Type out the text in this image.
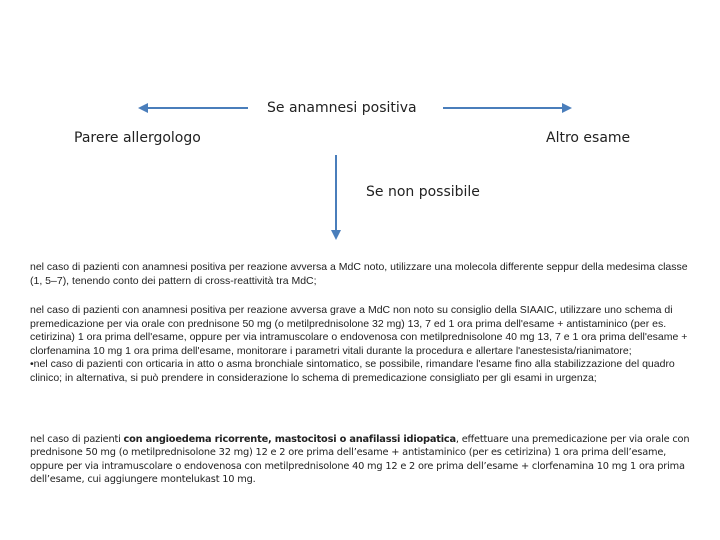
Se anamnesi positiva
Parere allergologo	Altro esame
Se non possibile

nel caso di pazienti con anamnesi positiva per reazione avversa a MdC noto, utilizzare una molecola differente seppur della medesima classe (1, 5–7), tenendo conto dei pattern di cross-reattività tra MdC;

nel caso di pazienti con anamnesi positiva per reazione avversa grave a MdC non noto su consiglio della SIAAIC, utilizzare uno schema di premedicazione per via orale con prednisone 50 mg (o metilprednisolone 32 mg) 13, 7 ed 1 ora prima dell'esame + antistaminico (per es. cetirizina) 1 ora prima dell'esame, oppure per via intramuscolare o endovenosa con metilprednisolone 40 mg 13, 7 e 1 ora prima dell'esame + clorfenamina 10 mg 1 ora prima dell'esame, monitorare i parametri vitali durante la procedura e allertare l'anestesista/rianimatore;

•nel caso di pazienti con orticaria in atto o asma bronchiale sintomatico, se possibile, rimandare l'esame fino alla stabilizzazione del quadro clinico; in alternativa, si può prendere in considerazione lo schema di premedicazione consigliato per gli esami in urgenza;

nel caso di pazienti con angioedema ricorrente, mastocitosi o anafilassi idiopatica, effettuare una premedicazione per via orale con prednisone 50 mg (o metilprednisolone 32 mg) 12 e 2 ore prima dell’esame + antistaminico (per es cetirizina) 1 ora prima dell’esame, oppure per via intramuscolare o endovenosa con metilprednisolone 40 mg 12 e 2 ore prima dell’esame + clorfenamina 10 mg 1 ora prima dell’esame, cui aggiungere montelukast 10 mg.
